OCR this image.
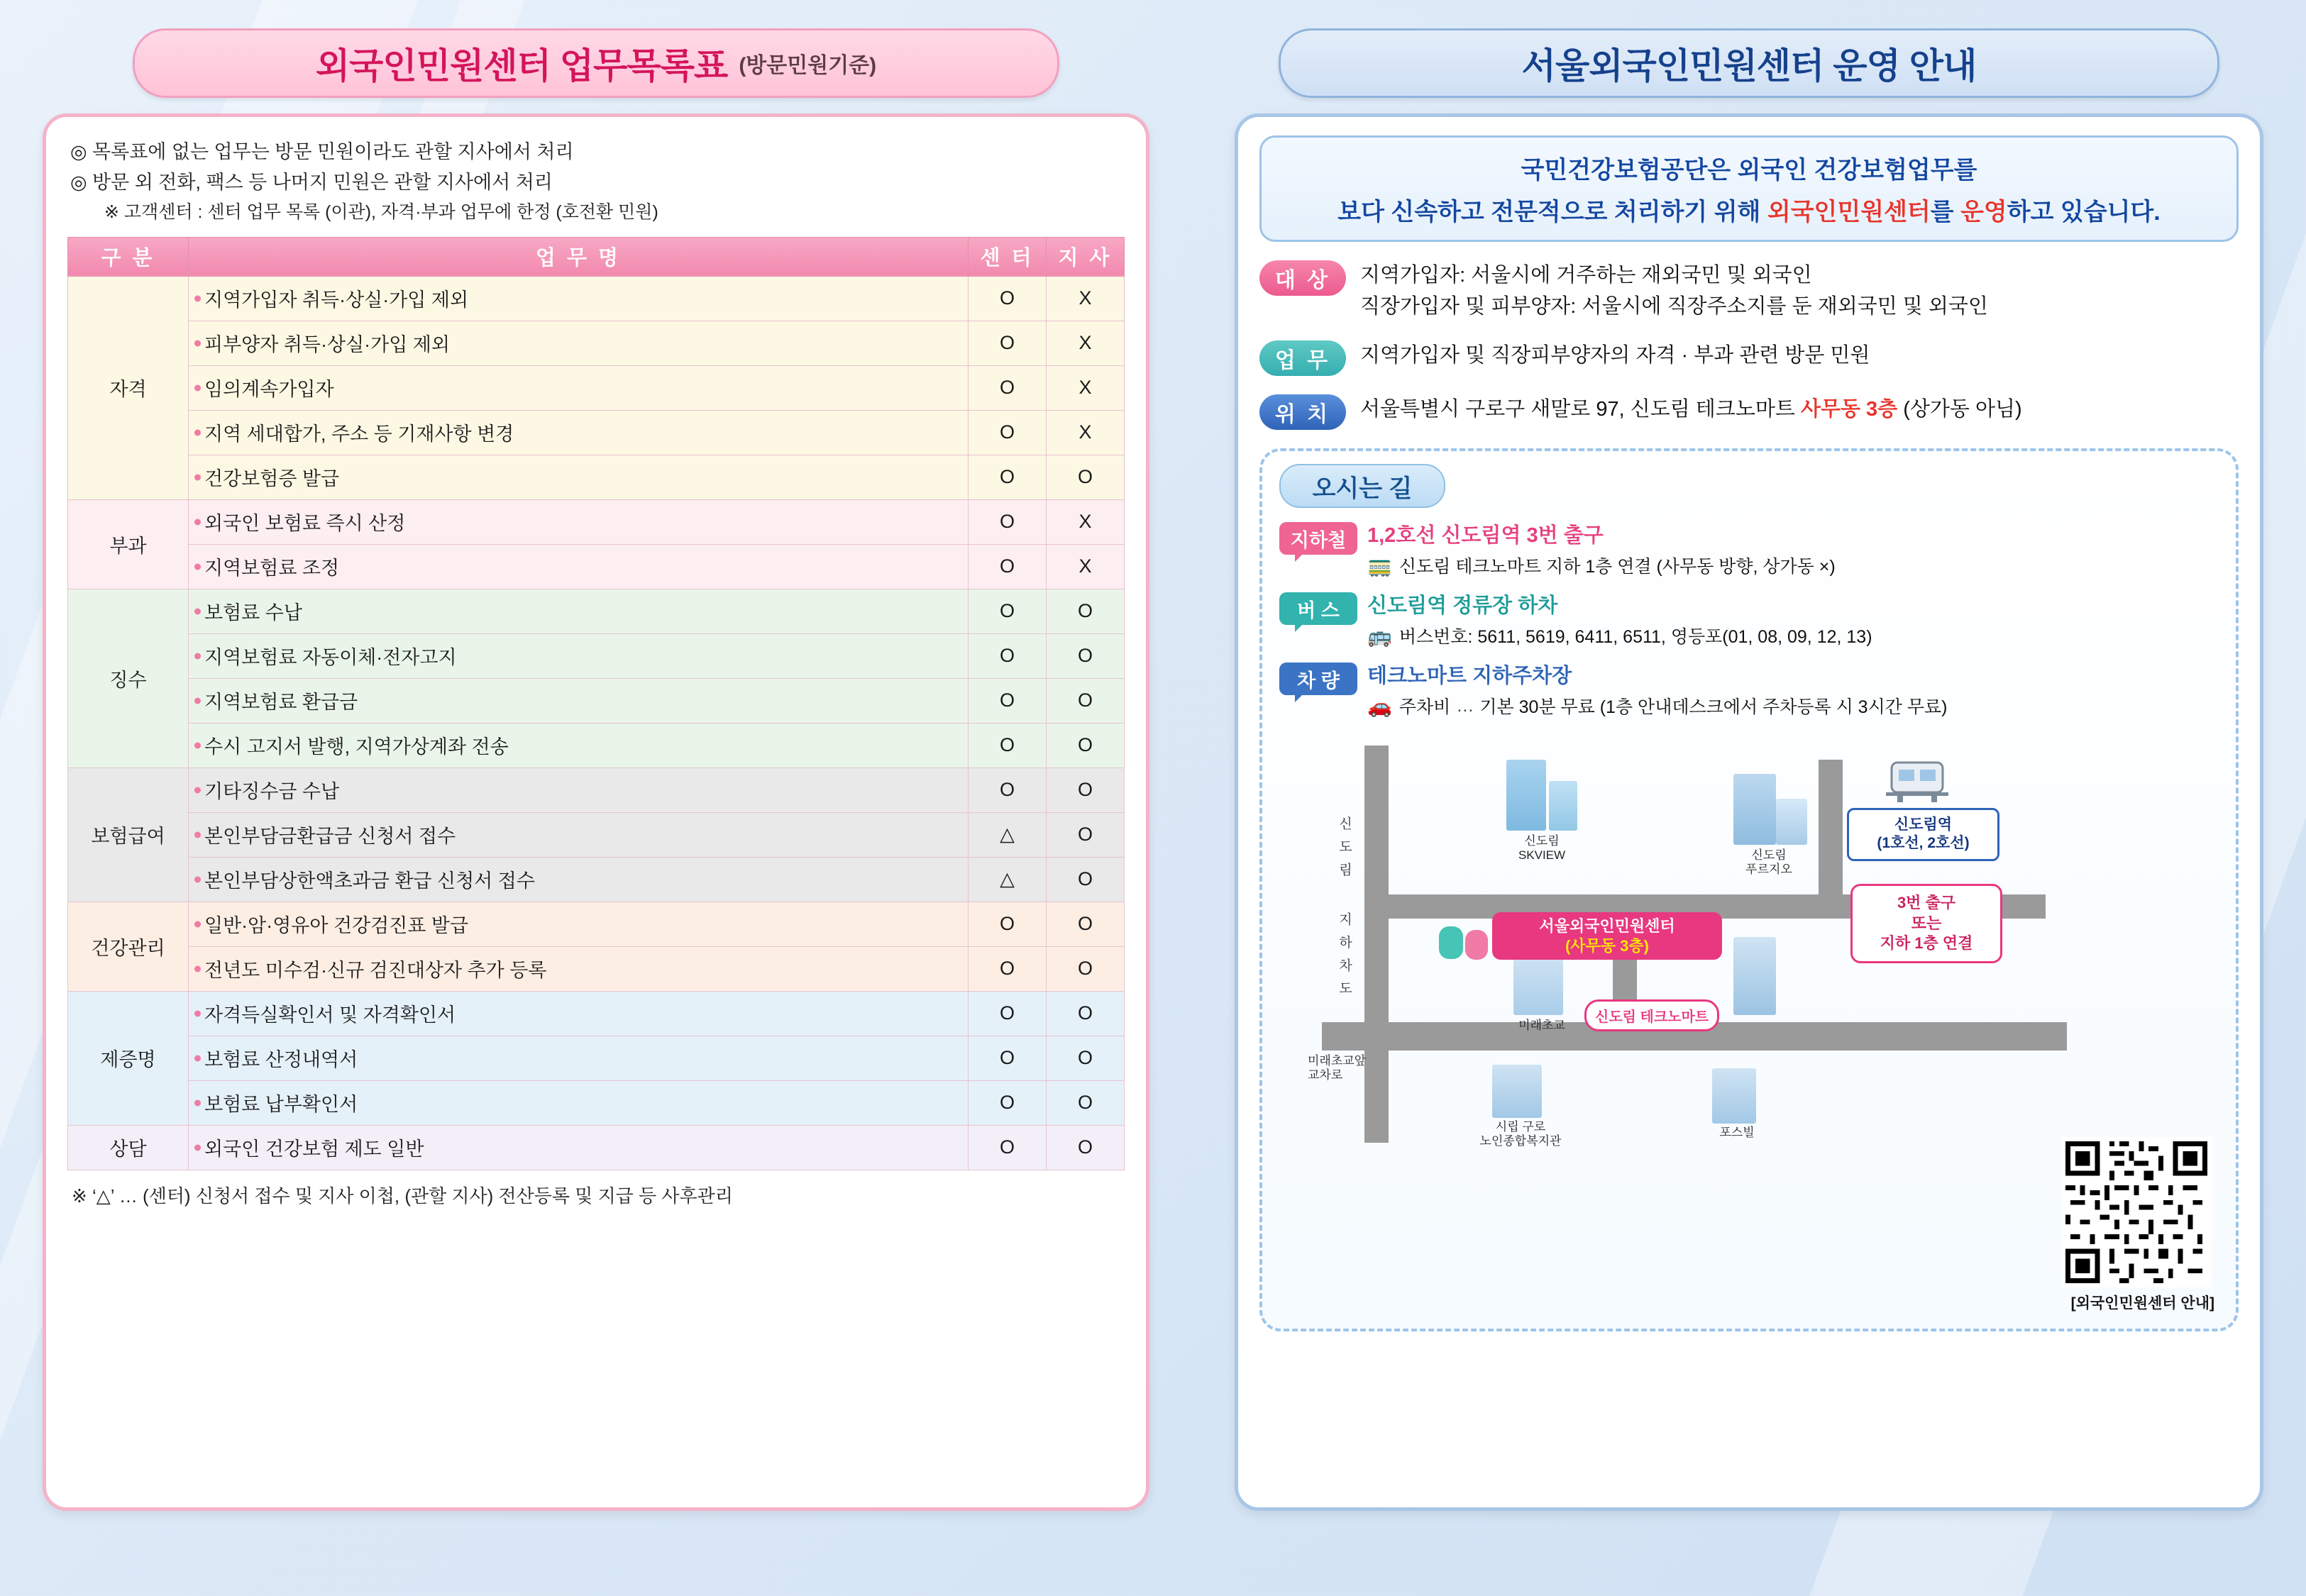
외국인민원센터 업무목록표 (방문민원기준)
◎ 목록표에 없는 업무는 방문 민원이라도 관할 지사에서 처리
◎ 방문 외 전화, 팩스 등 나머지 민원은 관할 지사에서 처리
※ 고객센터 : 센터 업무 목록 (이관), 자격·부과 업무에 한정 (호전환 민원)
구 분	업 무 명	센 터	지 사
자격	지역가입자 취득·상실·가입 제외	O	X
	피부양자 취득·상실·가입 제외	O	X
	임의계속가입자	O	X
	지역 세대합가, 주소 등 기재사항 변경	O	X
	건강보험증 발급	O	O
부과	외국인 보험료 즉시 산정	O	X
	지역보험료 조정	O	X
징수	보험료 수납	O	O
	지역보험료 자동이체·전자고지	O	O
	지역보험료 환급금	O	O
	수시 고지서 발행, 지역가상계좌 전송	O	O
보험급여	기타징수금 수납	O	O
	본인부담금환급금 신청서 접수	△	O
	본인부담상한액초과금 환급 신청서 접수	△	O
건강관리	일반·암·영유아 건강검진표 발급	O	O
	전년도 미수검·신규 검진대상자 추가 등록	O	O
제증명	자격득실확인서 및 자격확인서	O	O
	보험료 산정내역서	O	O
	보험료 납부확인서	O	O
상담	외국인 건강보험 제도 일반	O	O
※ ‘△’ … (센터) 신청서 접수 및 지사 이첩, (관할 지사) 전산등록 및 지급 등 사후관리
서울외국인민원센터 운영 안내
국민건강보험공단은 외국인 건강보험업무를
보다 신속하고 전문적으로 처리하기 위해 외국인민원센터를 운영하고 있습니다.
대 상	지역가입자: 서울시에 거주하는 재외국민 및 외국인
직장가입자 및 피부양자: 서울시에 직장주소지를 둔 재외국민 및 외국인
업 무	지역가입자 및 직장피부양자의 자격 · 부과 관련 방문 민원
위 치	서울특별시 구로구 새말로 97, 신도림 테크노마트 사무동 3층 (상가동 아님)
오시는 길
지하철	1,2호선 신도림역 3번 출구
🚃 신도림 테크노마트 지하 1층 연결 (사무동 방향, 상가동 ×)
버 스	신도림역 정류장 하차
🚌 버스번호: 5611, 5619, 6411, 6511, 영등포(01, 08, 09, 12, 13)
차 량	테크노마트 지하주차장
🚗 주차비 … 기본 30분 무료 (1층 안내데스크에서 주차등록 시 3시간 무료)
신 도 림
지 하 차 도
신도림
SKVIEW	신도림
푸르지오
미래초교
미래초교앞
교차로
시립 구로
노인종합복지관
포스빌
서울외국인민원센터
(사무동 3층)
신도림 테크노마트
신도림역
(1호선, 2호선)
3번 출구
또는
지하 1층 연결
[외국인민원센터 안내]
